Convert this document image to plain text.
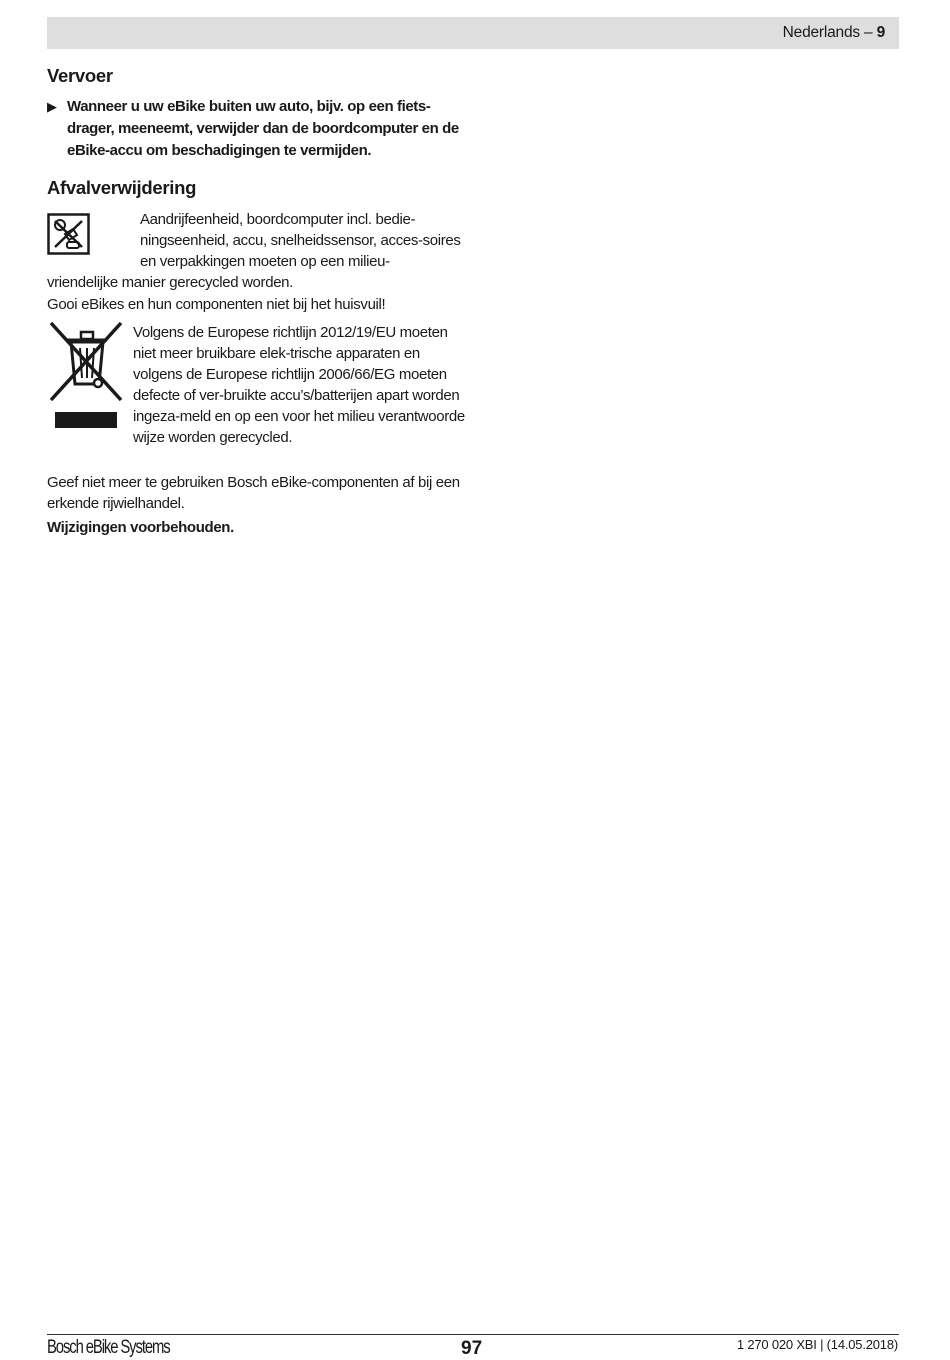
Nederlands – 9
Vervoer
▶ Wanneer u uw eBike buiten uw auto, bijv. op een fiets-drager, meeneemt, verwijder dan de boordcomputer en de eBike-accu om beschadigingen te vermijden.
Afvalverwijdering
Aandrijfeenheid, boordcomputer incl. bedie-ningseenheid, accu, snelheidssensor, acces-soires en verpakkingen moeten op een milieu-
vriendelijke manier gerecycled worden.
Gooi eBikes en hun componenten niet bij het huisvuil!
Volgens de Europese richtlijn 2012/19/EU moeten niet meer bruikbare elek-trische apparaten en volgens de Europese richtlijn 2006/66/EG moeten defecte of ver-bruikte accu’s/batterijen apart worden ingeza-meld en op een voor het milieu verantwoorde wijze worden gerecycled.
Geef niet meer te gebruiken Bosch eBike-componenten af bij een erkende rijwielhandel.
Wijzigingen voorbehouden.
Bosch eBike Systems	97	1 270 020 XBI | (14.05.2018)
